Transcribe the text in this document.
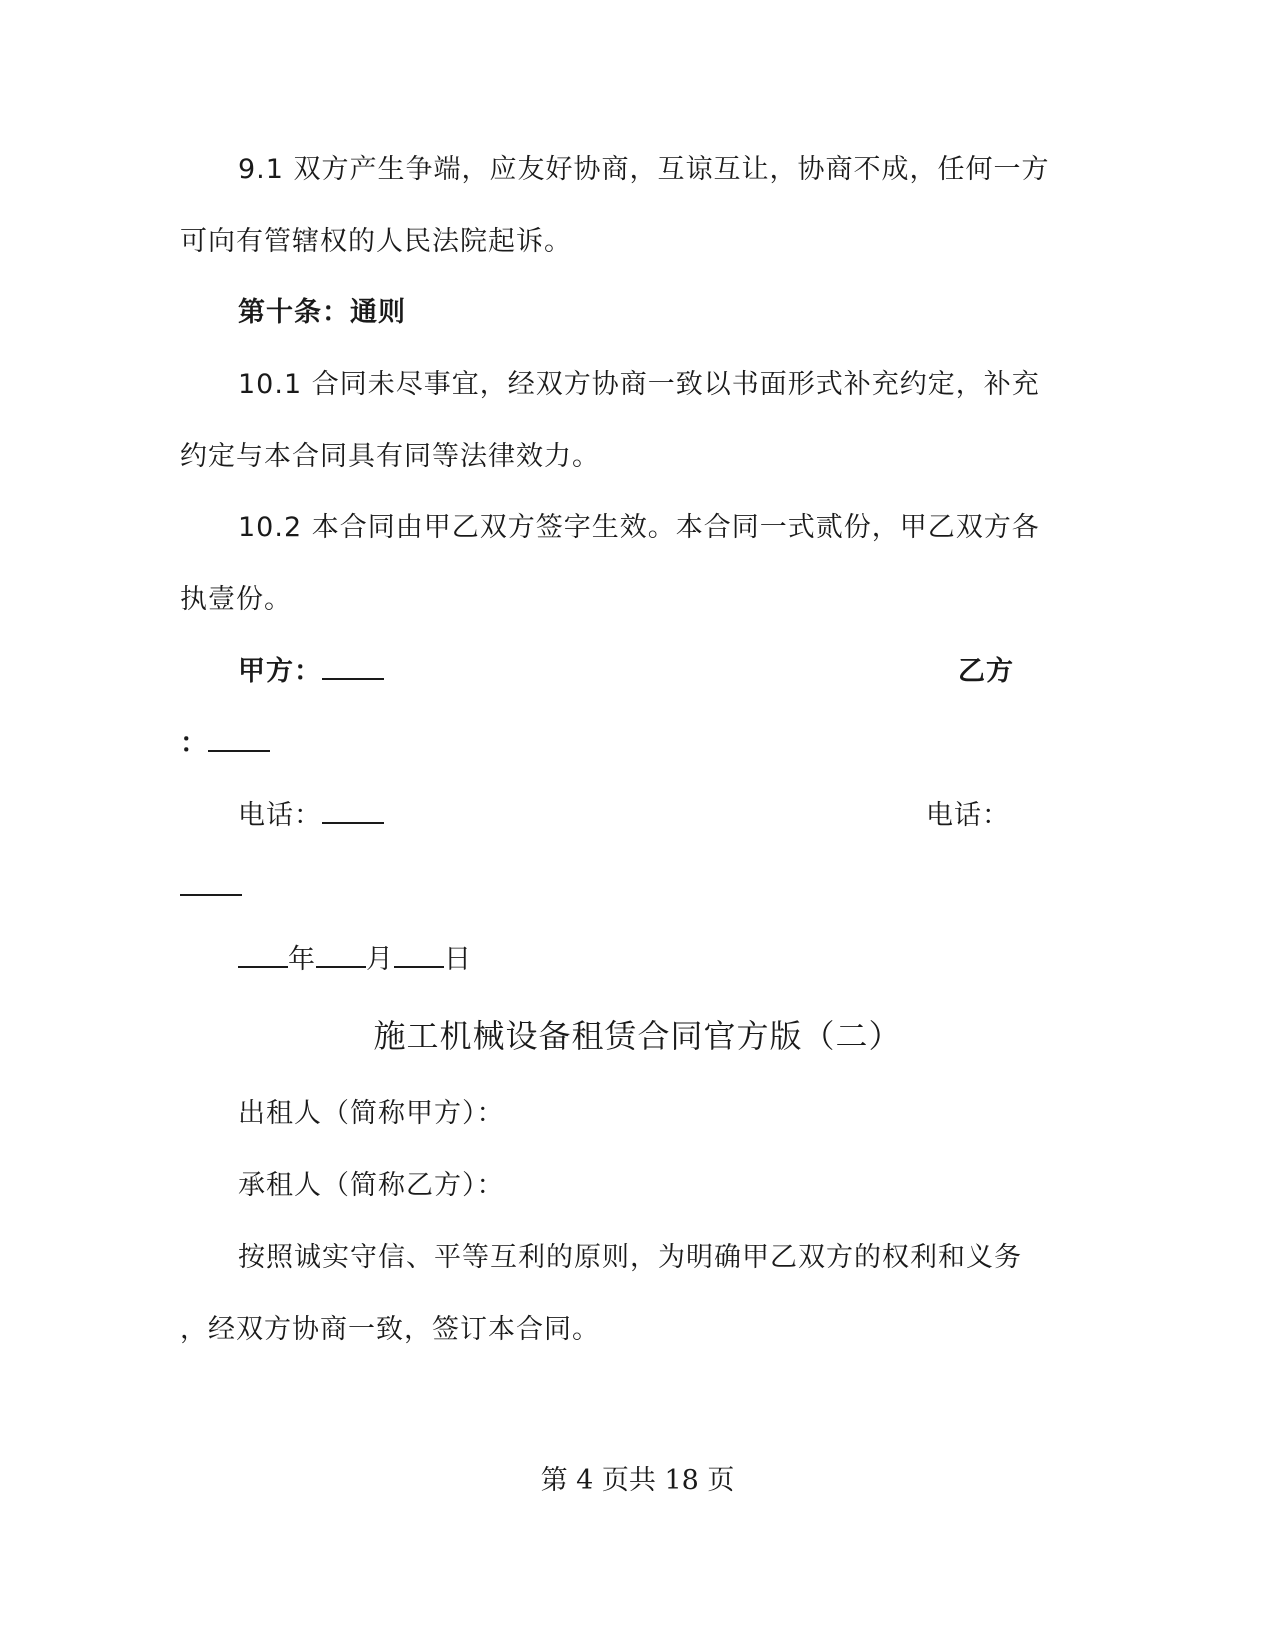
9.1 双方产生争端，应友好协商，互谅互让，协商不成，任何一方
可向有管辖权的人民法院起诉。
第十条：通则
10.1 合同未尽事宜，经双方协商一致以书面形式补充约定，补充
约定与本合同具有同等法律效力。
10.2 本合同由甲乙双方签字生效。本合同一式贰份，甲乙双方各
执壹份。
甲方：	乙方
：
电话：	电话：
年 月 日
施工机械设备租赁合同官方版（二）
出租人（简称甲方）：
承租人（简称乙方）：
按照诚实守信、平等互利的原则，为明确甲乙双方的权利和义务
，经双方协商一致，签订本合同。
第 4 页共 18 页
